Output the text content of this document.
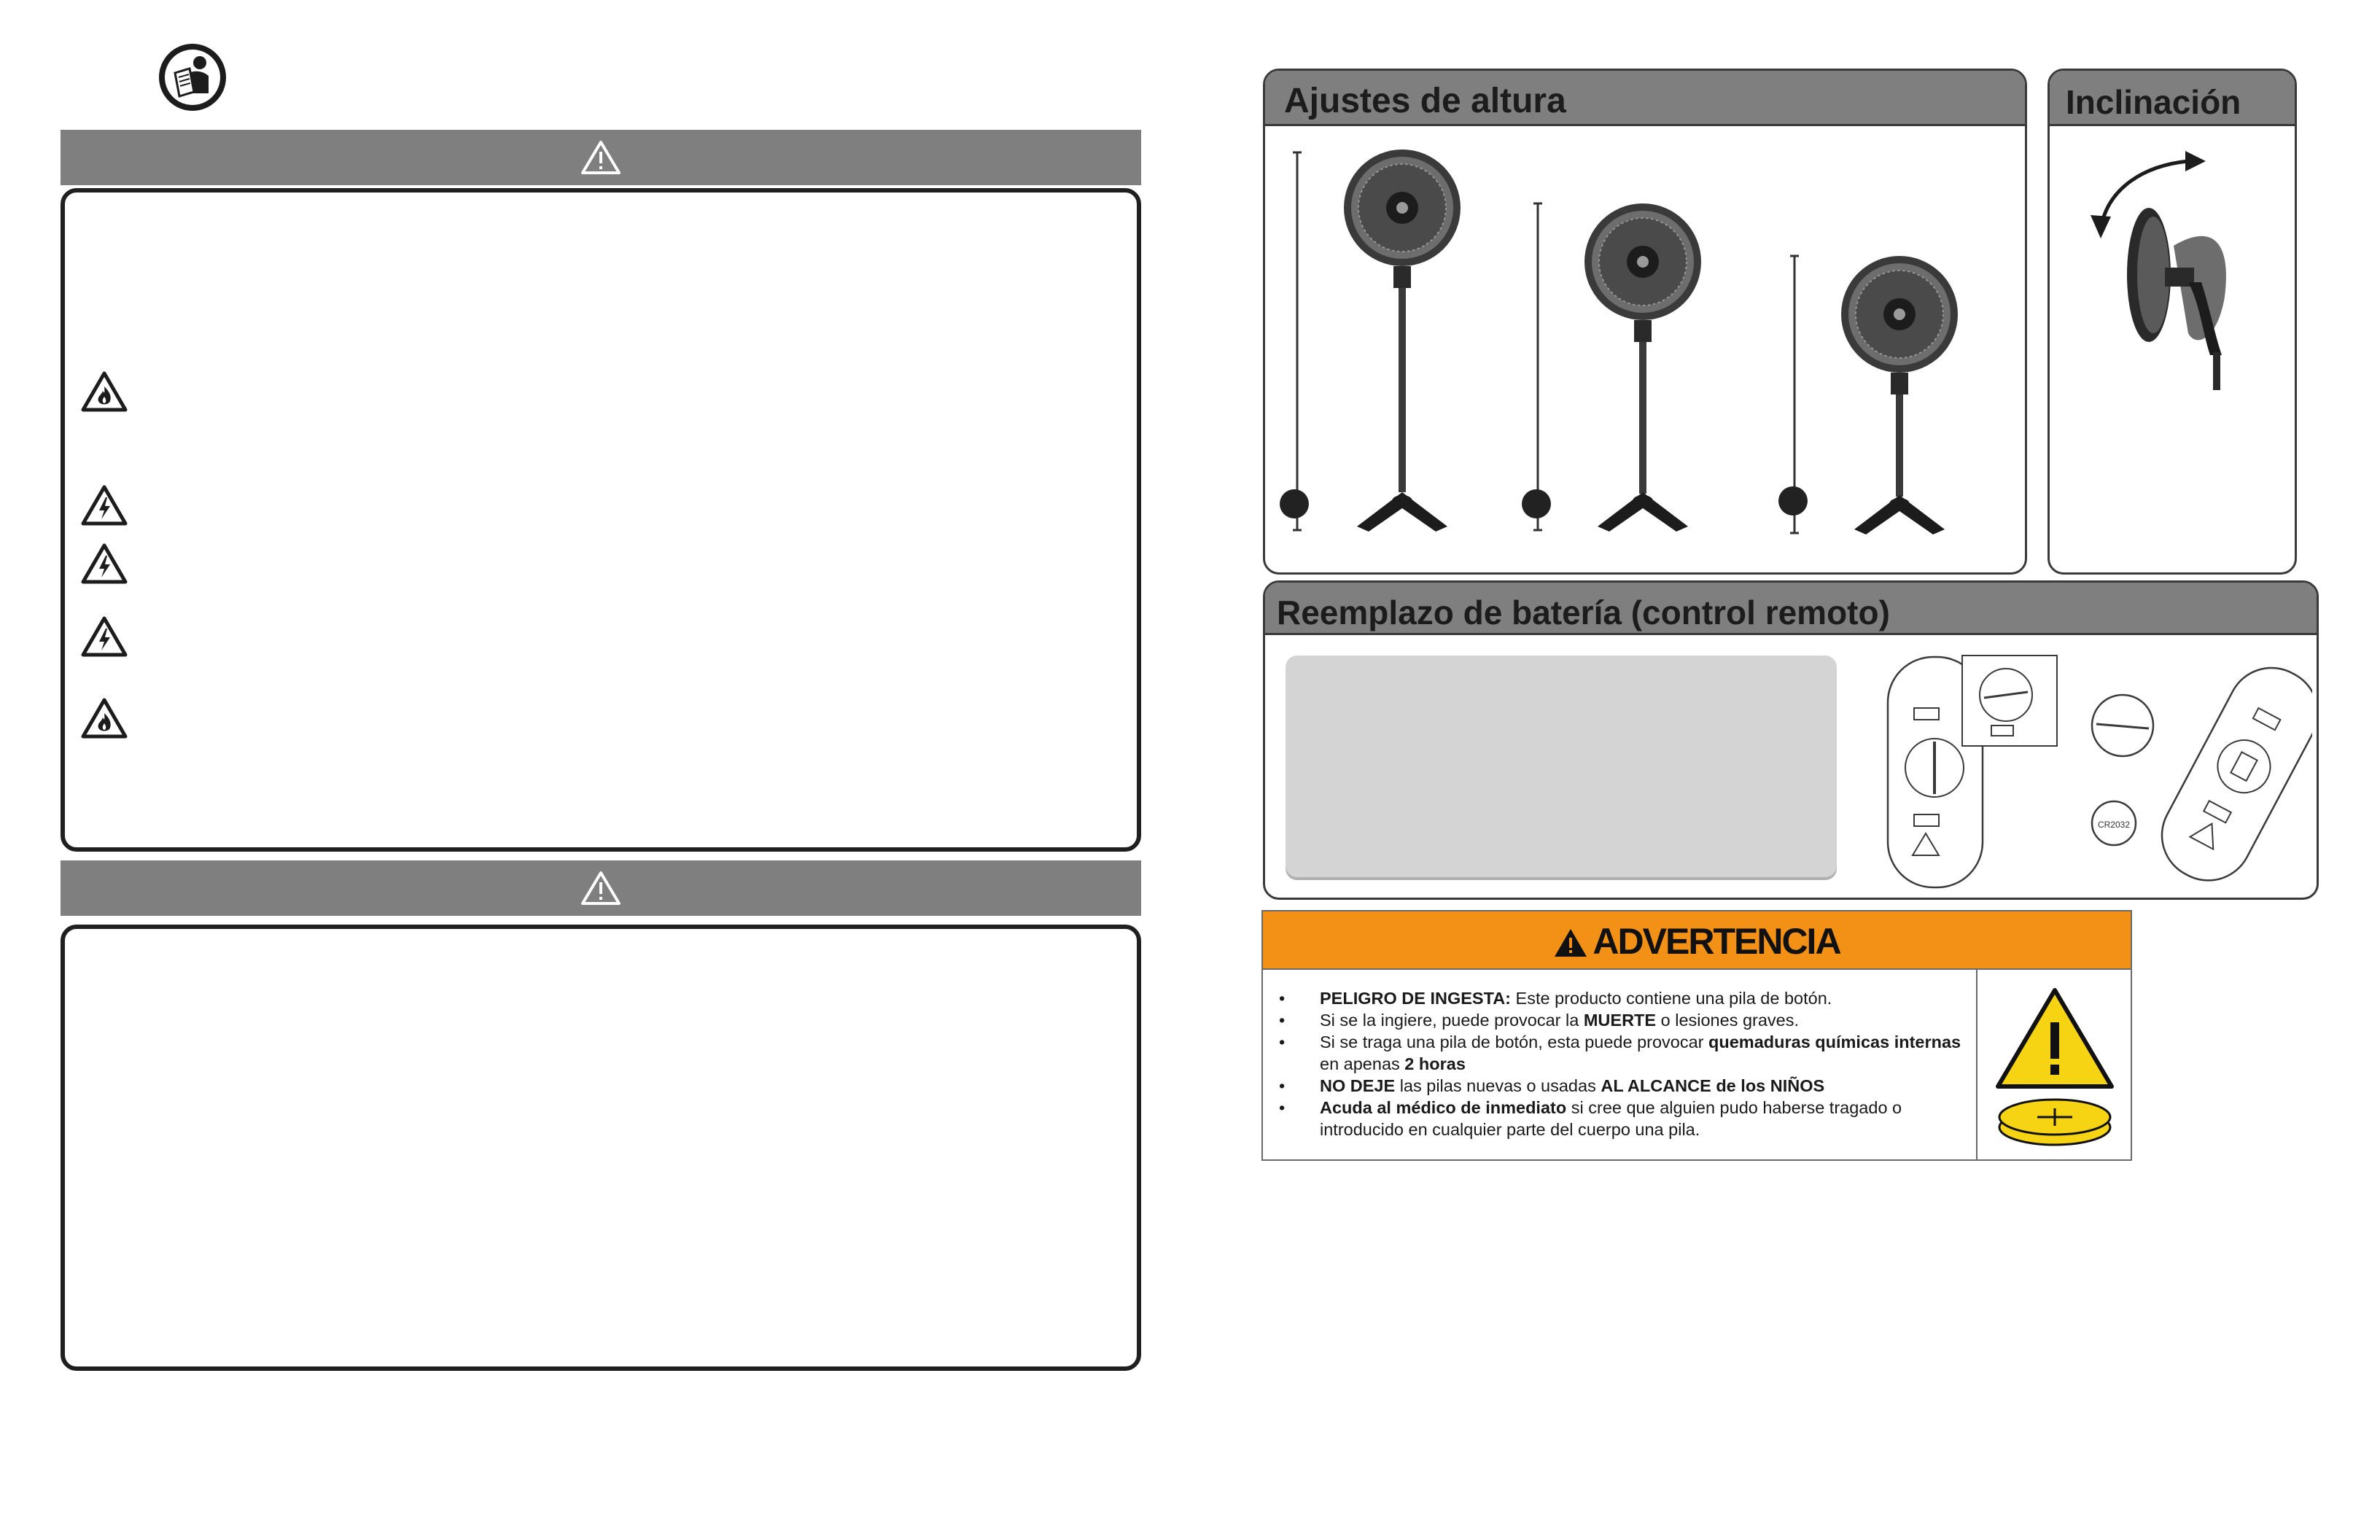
Ajustes de altura	Inclinación
Reemplazo de batería (control remoto)
CR2032
ADVERTENCIA
• PELIGRO DE INGESTA: Este producto contiene una pila de botón.
• Si se la ingiere, puede provocar la MUERTE o lesiones graves.
• Si se traga una pila de botón, esta puede provocar quemaduras químicas internas en apenas 2 horas
• NO DEJE las pilas nuevas o usadas AL ALCANCE de los NIÑOS
• Acuda al médico de inmediato si cree que alguien pudo haberse tragado o introducido en cualquier parte del cuerpo una pila.
